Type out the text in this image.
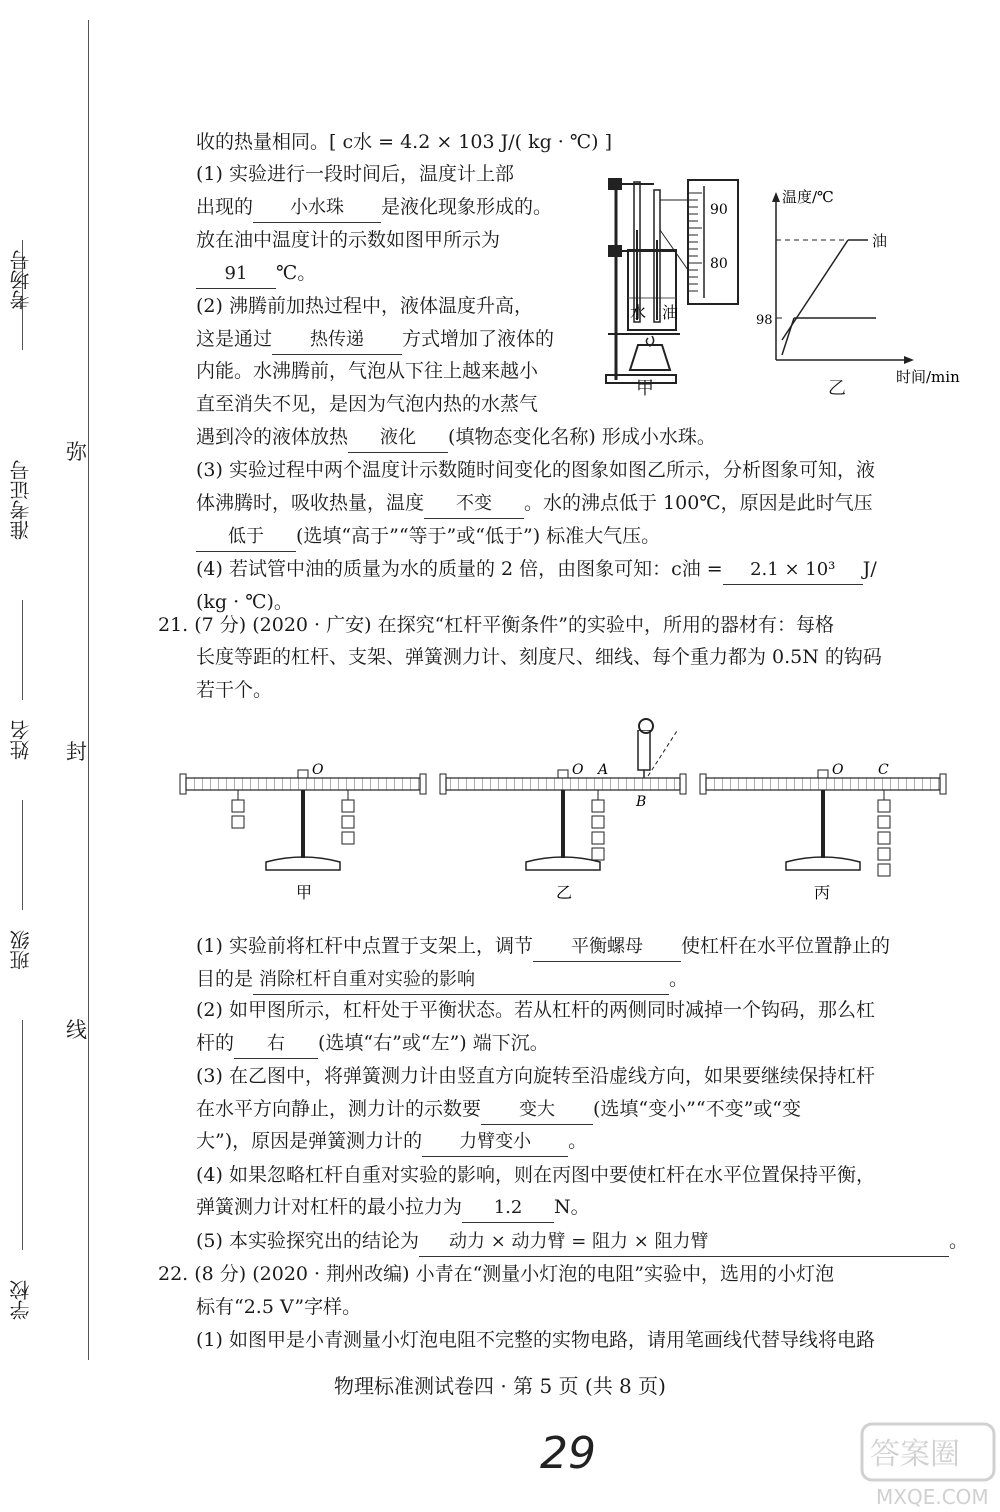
考场号
准考证号
姓名
班级
学校
弥
封
线
收的热量相同。[ c水 = 4.2 × 103 J/( kg · ℃) ]
(1) 实验进行一段时间后，温度计上部
出现的 小水珠 是液化现象形成的。
放在油中温度计的示数如图甲所示为
91 ℃。
(2) 沸腾前加热过程中，液体温度升高，
这是通过 热传递 方式增加了液体的
内能。水沸腾前，气泡从下往上越来越小
直至消失不见，是因为气泡内热的水蒸气
遇到冷的液体放热 液化 (填物态变化名称) 形成小水珠。
(3) 实验过程中两个温度计示数随时间变化的图象如图乙所示，分析图象可知，液
体沸腾时，吸收热量，温度 不变 。水的沸点低于 100℃，原因是此时气压
低于 (选填“高于”“等于”或“低于”) 标准大气压。
(4) 若试管中油的质量为水的质量的 2 倍，由图象可知：c油 = 2.1 × 10³ J/
(kg · ℃)。
水 油
90
80
甲
温度/℃
时间/min
98
油
乙
21. (7 分) (2020 · 广安) 在探究“杠杆平衡条件”的实验中，所用的器材有：每格
长度等距的杠杆、支架、弹簧测力计、刻度尺、细线、每个重力都为 0.5N 的钩码
若干个。
O	O A
B
O C
甲	乙	丙
(1) 实验前将杠杆中点置于支架上，调节 平衡螺母 使杠杆在水平位置静止的
目的是 消除杠杆自重对实验的影响	。
(2) 如甲图所示，杠杆处于平衡状态。若从杠杆的两侧同时减掉一个钩码，那么杠
杆的 右 (选填“右”或“左”) 端下沉。
(3) 在乙图中，将弹簧测力计由竖直方向旋转至沿虚线方向，如果要继续保持杠杆
在水平方向静止，测力计的示数要 变大 (选填“变小”“不变”或“变
大”)，原因是弹簧测力计的 力臂变小 。
(4) 如果忽略杠杆自重对实验的影响，则在丙图中要使杠杆在水平位置保持平衡，
弹簧测力计对杠杆的最小拉力为 1.2 N。
(5) 本实验探究出的结论为 动力 × 动力臂 = 阻力 × 阻力臂	。
22. (8 分) (2020 · 荆州改编) 小青在“测量小灯泡的电阻”实验中，选用的小灯泡
标有“2.5 V”字样。
(1) 如图甲是小青测量小灯泡电阻不完整的实物电路，请用笔画线代替导线将电路
物理标准测试卷四 · 第 5 页 (共 8 页)
29	答案圈
MXQE.COM
